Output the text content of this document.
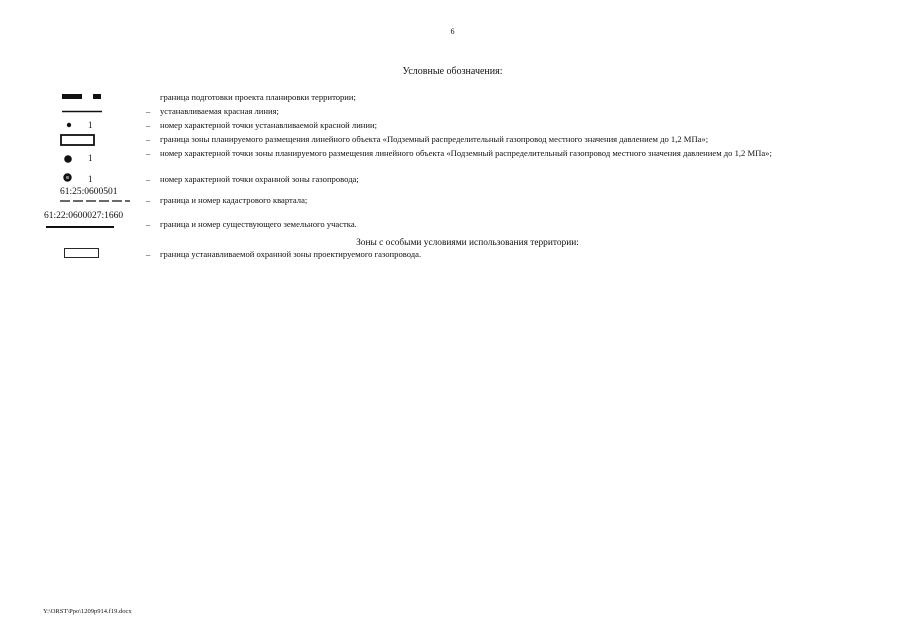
6
Условные обозначения:
граница подготовки проекта планировки территории;
– устанавливаемая красная линия;
1	– номер характерной точки устанавливаемой красной линии;
– граница зоны планируемого размещения линейного объекта «Подземный распределительный газопровод местного значения давлением до 1,2 МПа»;
1	– номер характерной точки зоны планируемого размещения линейного объекта «Подземный распределительный газопровод местного значения давлением до 1,2 МПа»;
1	– номер характерной точки охранной зоны газопровода;
61:25:0600501
– граница и номер кадастрового квартала;
61:22:0600027:1660
– граница и номер существующего земельного участка.
Зоны с особыми условиями использования территории:
– граница устанавливаемой охранной зоны проектируемого газопровода.
Y:\ORST\Ppo\1209p914.f19.docx
